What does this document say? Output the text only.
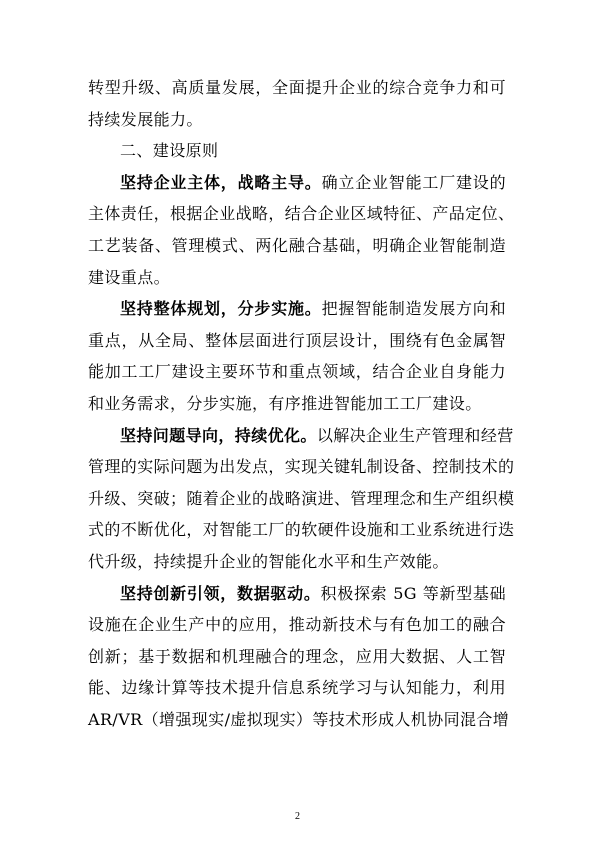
转型升级、高质量发展，全面提升企业的综合竞争力和可
持续发展能力。
二、建设原则
坚持企业主体，战略主导。确立企业智能工厂建设的
主体责任，根据企业战略，结合企业区域特征、产品定位、
工艺装备、管理模式、两化融合基础，明确企业智能制造
建设重点。
坚持整体规划，分步实施。把握智能制造发展方向和
重点，从全局、整体层面进行顶层设计，围绕有色金属智
能加工工厂建设主要环节和重点领域，结合企业自身能力
和业务需求，分步实施，有序推进智能加工工厂建设。
坚持问题导向，持续优化。以解决企业生产管理和经营
管理的实际问题为出发点，实现关键轧制设备、控制技术的
升级、突破；随着企业的战略演进、管理理念和生产组织模
式的不断优化，对智能工厂的软硬件设施和工业系统进行迭
代升级，持续提升企业的智能化水平和生产效能。
坚持创新引领，数据驱动。积极探索 5G 等新型基础
设施在企业生产中的应用，推动新技术与有色加工的融合
创新；基于数据和机理融合的理念，应用大数据、人工智
能、边缘计算等技术提升信息系统学习与认知能力，利用
AR/VR（增强现实/虚拟现实）等技术形成人机协同混合增
2
